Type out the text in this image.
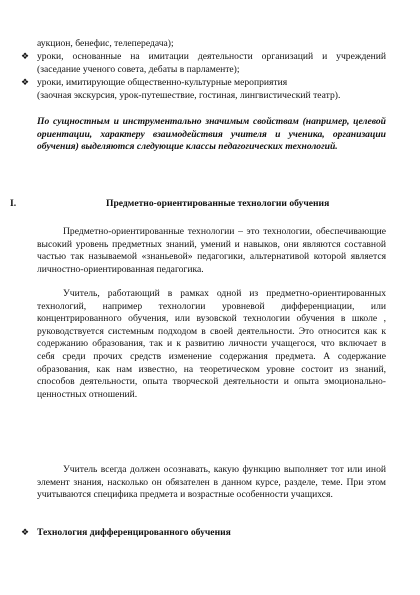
аукцион, бенефис, телепередача);
❖ уроки, основанные на имитации деятельности организаций и учреждений (заседание ученого совета, дебаты в парламенте);
❖ уроки, имитирующие общественно-культурные мероприятия
(заочная экскурсия, урок-путешествие, гостиная, лингвистический театр).
По сущностным и инструментально значимым свойствам (например, целевой ориентации, характеру взаимодействия учителя и ученика, организации обучения) выделяются следующие классы педагогических технологий.
I.	Предметно-ориентированные технологии обучения
Предметно-ориентированные технологии – это технологии, обеспечивающие высокий уровень предметных знаний, умений и навыков, они являются составной частью так называемой «знаньевой» педагогики, альтернативой которой является личностно-ориентированная педагогика.
Учитель, работающий в рамках одной из предметно-ориентированных технологий, например технологии уровневой дифференциации, или концентрированного обучения, или вузовской технологии обучения в школе , руководствуется системным подходом в своей деятельности. Это относится как к содержанию образования, так и к развитию личности учащегося, что включает в себя среди прочих средств изменение содержания предмета. А содержание образования, как нам известно, на теоретическом уровне состоит из знаний, способов деятельности, опыта творческой деятельности и опыта эмоционально-ценностных отношений.
Учитель всегда должен осознавать, какую функцию выполняет тот или иной элемент знания, насколько он обязателен в данном курсе, разделе, теме. При этом учитываются специфика предмета и возрастные особенности учащихся.
❖ Технология дифференцированного обучения
